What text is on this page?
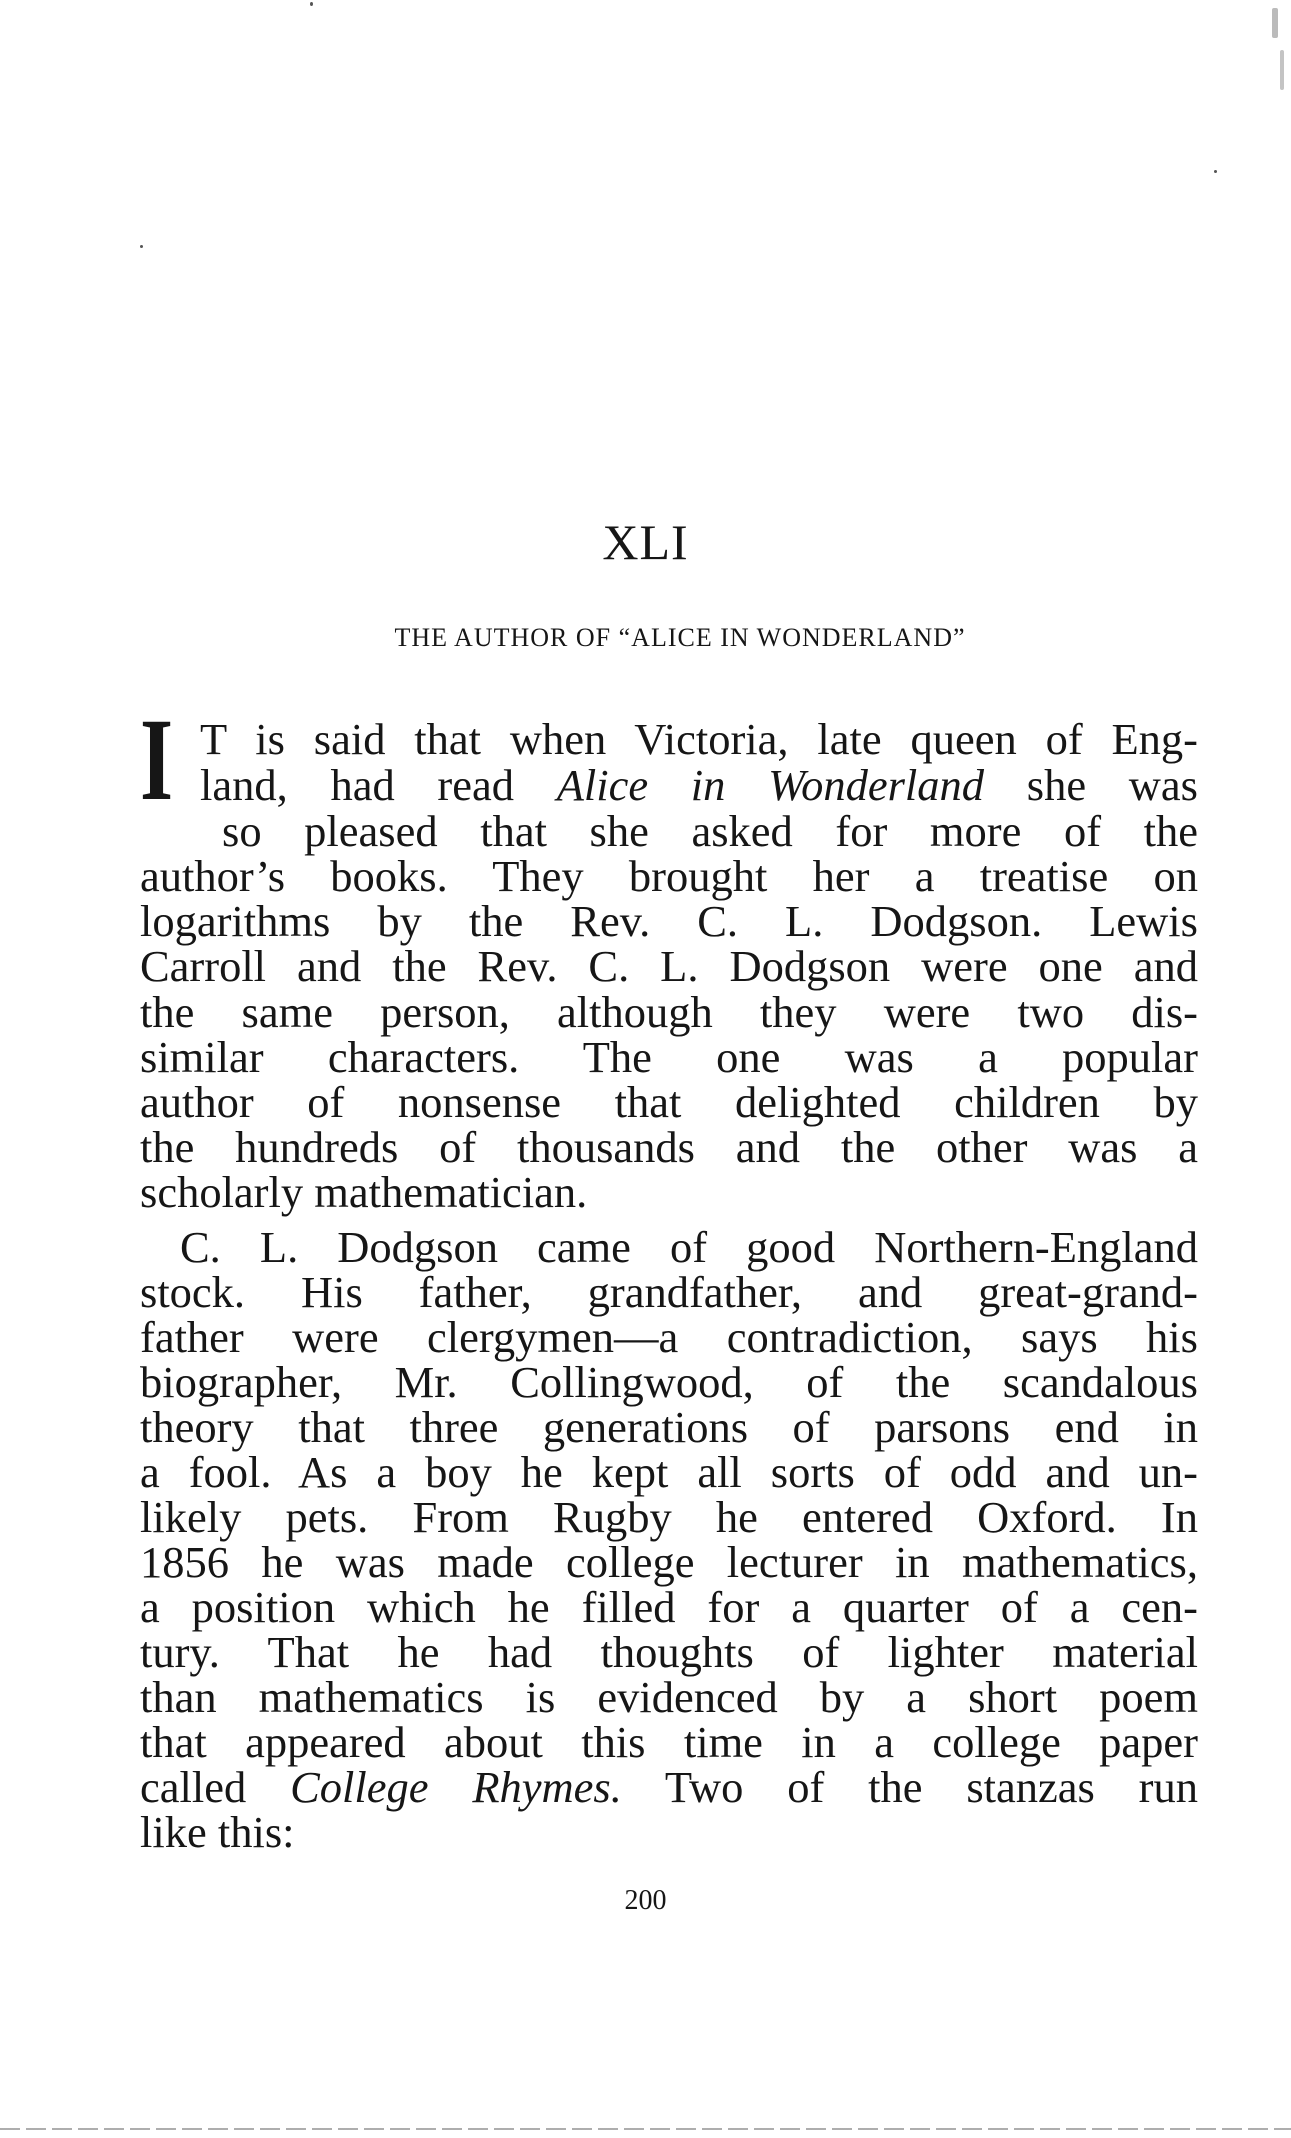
XLI
THE AUTHOR OF “ALICE IN WONDERLAND”
I T is said that when Victoria, late queen of Eng-
land, had read Alice in Wonderland she was
so pleased that she asked for more of the
author’s books. They brought her a treatise on
logarithms by the Rev. C. L. Dodgson. Lewis
Carroll and the Rev. C. L. Dodgson were one and
the same person, although they were two dis-
similar characters. The one was a popular
author of nonsense that delighted children by
the hundreds of thousands and the other was a
scholarly mathematician.
C. L. Dodgson came of good Northern-England
stock. His father, grandfather, and great-grand-
father were clergymen—a contradiction, says his
biographer, Mr. Collingwood, of the scandalous
theory that three generations of parsons end in
a fool. As a boy he kept all sorts of odd and un-
likely pets. From Rugby he entered Oxford. In
1856 he was made college lecturer in mathematics,
a position which he filled for a quarter of a cen-
tury. That he had thoughts of lighter material
than mathematics is evidenced by a short poem
that appeared about this time in a college paper
called College Rhymes. Two of the stanzas run
like this:
200
